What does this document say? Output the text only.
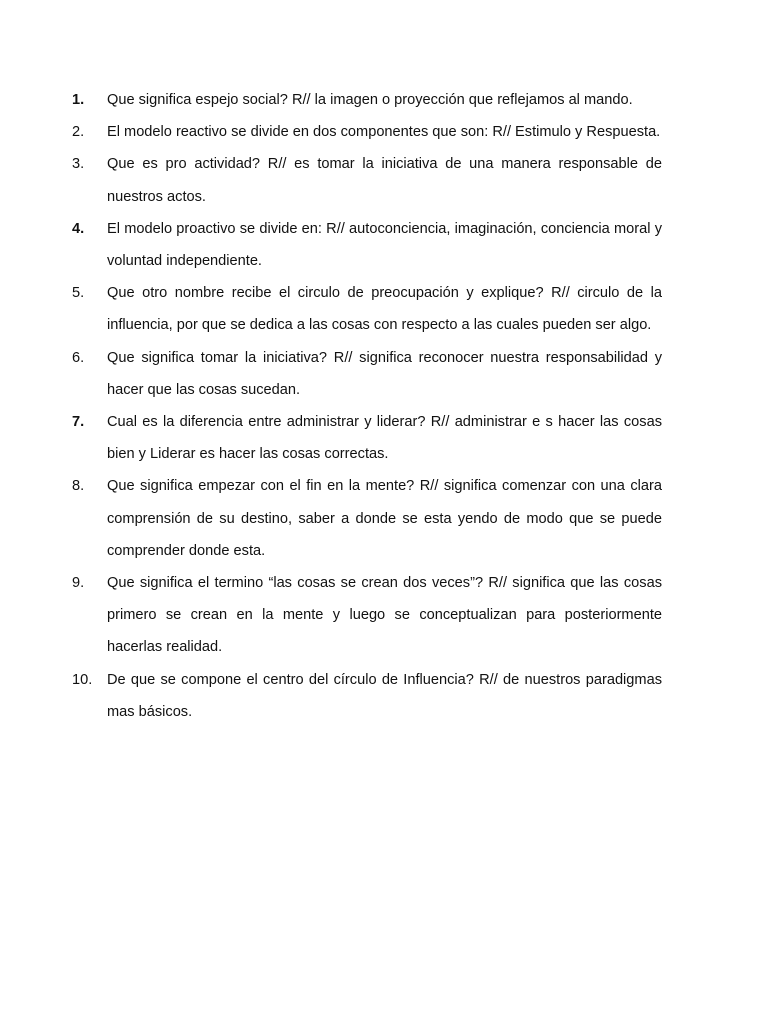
1.	Que significa espejo social? R// la imagen o proyección que reflejamos al mando.
2.	El modelo reactivo se divide en dos componentes que son: R// Estimulo y Respuesta.
3.	Que es pro actividad? R// es tomar la iniciativa de una manera responsable de nuestros actos.
4.	El modelo proactivo se divide en: R// autoconciencia, imaginación, conciencia moral y voluntad independiente.
5.	Que otro nombre recibe el circulo de preocupación y explique? R// circulo de la influencia, por que se dedica a las cosas con respecto a las cuales pueden ser algo.
6.	Que significa tomar la iniciativa? R// significa reconocer nuestra responsabilidad y hacer que las cosas sucedan.
7.	Cual es la diferencia entre administrar y liderar? R// administrar e s hacer las cosas bien y Liderar es hacer las cosas correctas.
8.	Que significa empezar con el fin en la mente? R// significa comenzar con una clara comprensión de su destino, saber a donde se esta yendo de modo que se puede comprender donde esta.
9.	Que significa el termino “las cosas se crean dos veces”? R// significa que las cosas primero se crean en la mente y luego se conceptualizan para posteriormente hacerlas realidad.
10.	De que se compone el centro del círculo de Influencia? R// de nuestros paradigmas mas básicos.
